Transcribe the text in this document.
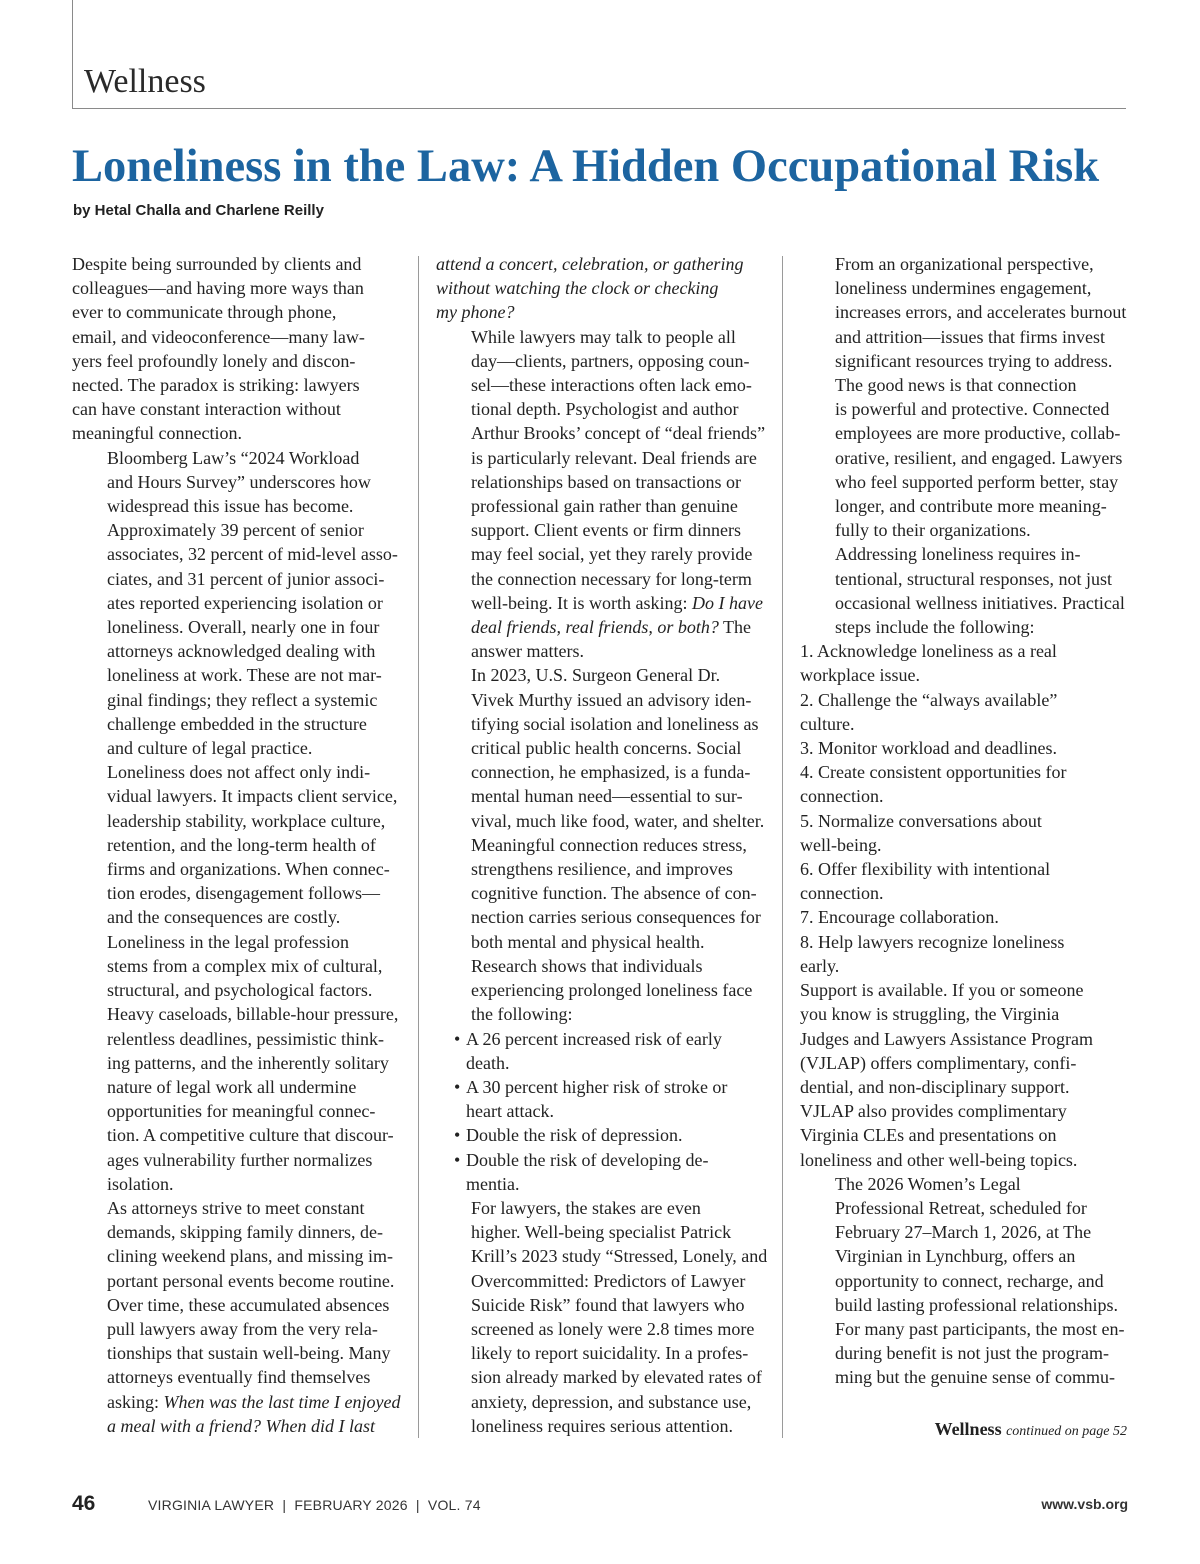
Wellness
Loneliness in the Law: A Hidden Occupational Risk
by Hetal Challa and Charlene Reilly

Despite being surrounded by clients and
colleagues—and having more ways than
ever to communicate through phone,
email, and videoconference—many law-
yers feel profoundly lonely and discon-
nected. The paradox is striking: lawyers
can have constant interaction without
meaningful connection.

Bloomberg Law’s “2024 Workload
and Hours Survey” underscores how
widespread this issue has become.
Approximately 39 percent of senior
associates, 32 percent of mid-level asso-
ciates, and 31 percent of junior associ-
ates reported experiencing isolation or
loneliness. Overall, nearly one in four
attorneys acknowledged dealing with
loneliness at work. These are not mar-
ginal findings; they reflect a systemic
challenge embedded in the structure
and culture of legal practice.

Loneliness does not affect only indi-
vidual lawyers. It impacts client service,
leadership stability, workplace culture,
retention, and the long-term health of
firms and organizations. When connec-
tion erodes, disengagement follows—
and the consequences are costly.

Loneliness in the legal profession
stems from a complex mix of cultural,
structural, and psychological factors.
Heavy caseloads, billable-hour pressure,
relentless deadlines, pessimistic think-
ing patterns, and the inherently solitary
nature of legal work all undermine
opportunities for meaningful connec-
tion. A competitive culture that discour-
ages vulnerability further normalizes
isolation.

As attorneys strive to meet constant
demands, skipping family dinners, de-
clining weekend plans, and missing im-
portant personal events become routine.
Over time, these accumulated absences
pull lawyers away from the very rela-
tionships that sustain well-being. Many
attorneys eventually find themselves
asking: When was the last time I enjoyed
a meal with a friend? When did I last

attend a concert, celebration, or gathering
without watching the clock or checking
my phone?

While lawyers may talk to people all
day—clients, partners, opposing coun-
sel—these interactions often lack emo-
tional depth. Psychologist and author
Arthur Brooks’ concept of “deal friends”
is particularly relevant. Deal friends are
relationships based on transactions or
professional gain rather than genuine
support. Client events or firm dinners
may feel social, yet they rarely provide
the connection necessary for long-term
well-being. It is worth asking: Do I have
deal friends, real friends, or both? The
answer matters.

In 2023, U.S. Surgeon General Dr.
Vivek Murthy issued an advisory iden-
tifying social isolation and loneliness as
critical public health concerns. Social
connection, he emphasized, is a funda-
mental human need—essential to sur-
vival, much like food, water, and shelter.
Meaningful connection reduces stress,
strengthens resilience, and improves
cognitive function. The absence of con-
nection carries serious consequences for
both mental and physical health.

Research shows that individuals
experiencing prolonged loneliness face
the following:

• A 26 percent increased risk of early
death.
• A 30 percent higher risk of stroke or
heart attack.
• Double the risk of depression.
• Double the risk of developing de-
mentia.

For lawyers, the stakes are even
higher. Well-being specialist Patrick
Krill’s 2023 study “Stressed, Lonely, and
Overcommitted: Predictors of Lawyer
Suicide Risk” found that lawyers who
screened as lonely were 2.8 times more
likely to report suicidality. In a profes-
sion already marked by elevated rates of
anxiety, depression, and substance use,
loneliness requires serious attention.

From an organizational perspective,
loneliness undermines engagement,
increases errors, and accelerates burnout
and attrition—issues that firms invest
significant resources trying to address.

The good news is that connection
is powerful and protective. Connected
employees are more productive, collab-
orative, resilient, and engaged. Lawyers
who feel supported perform better, stay
longer, and contribute more meaning-
fully to their organizations.

Addressing loneliness requires in-
tentional, structural responses, not just
occasional wellness initiatives. Practical
steps include the following:

1. Acknowledge loneliness as a real
workplace issue.
2. Challenge the “always available”
culture.
3. Monitor workload and deadlines.
4. Create consistent opportunities for
connection.
5. Normalize conversations about
well-being.
6. Offer flexibility with intentional
connection.
7. Encourage collaboration.
8. Help lawyers recognize loneliness
early.

Support is available. If you or someone
you know is struggling, the Virginia
Judges and Lawyers Assistance Program
(VJLAP) offers complimentary, confi-
dential, and non-disciplinary support.
VJLAP also provides complimentary
Virginia CLEs and presentations on
loneliness and other well-being topics.

The 2026 Women’s Legal
Professional Retreat, scheduled for
February 27–March 1, 2026, at The
Virginian in Lynchburg, offers an
opportunity to connect, recharge, and
build lasting professional relationships.
For many past participants, the most en-
during benefit is not just the program-
ming but the genuine sense of commu-

Wellness continued on page 52
46	VIRGINIA LAWYER  |  FEBRUARY 2026  |  VOL. 74	www.vsb.org
